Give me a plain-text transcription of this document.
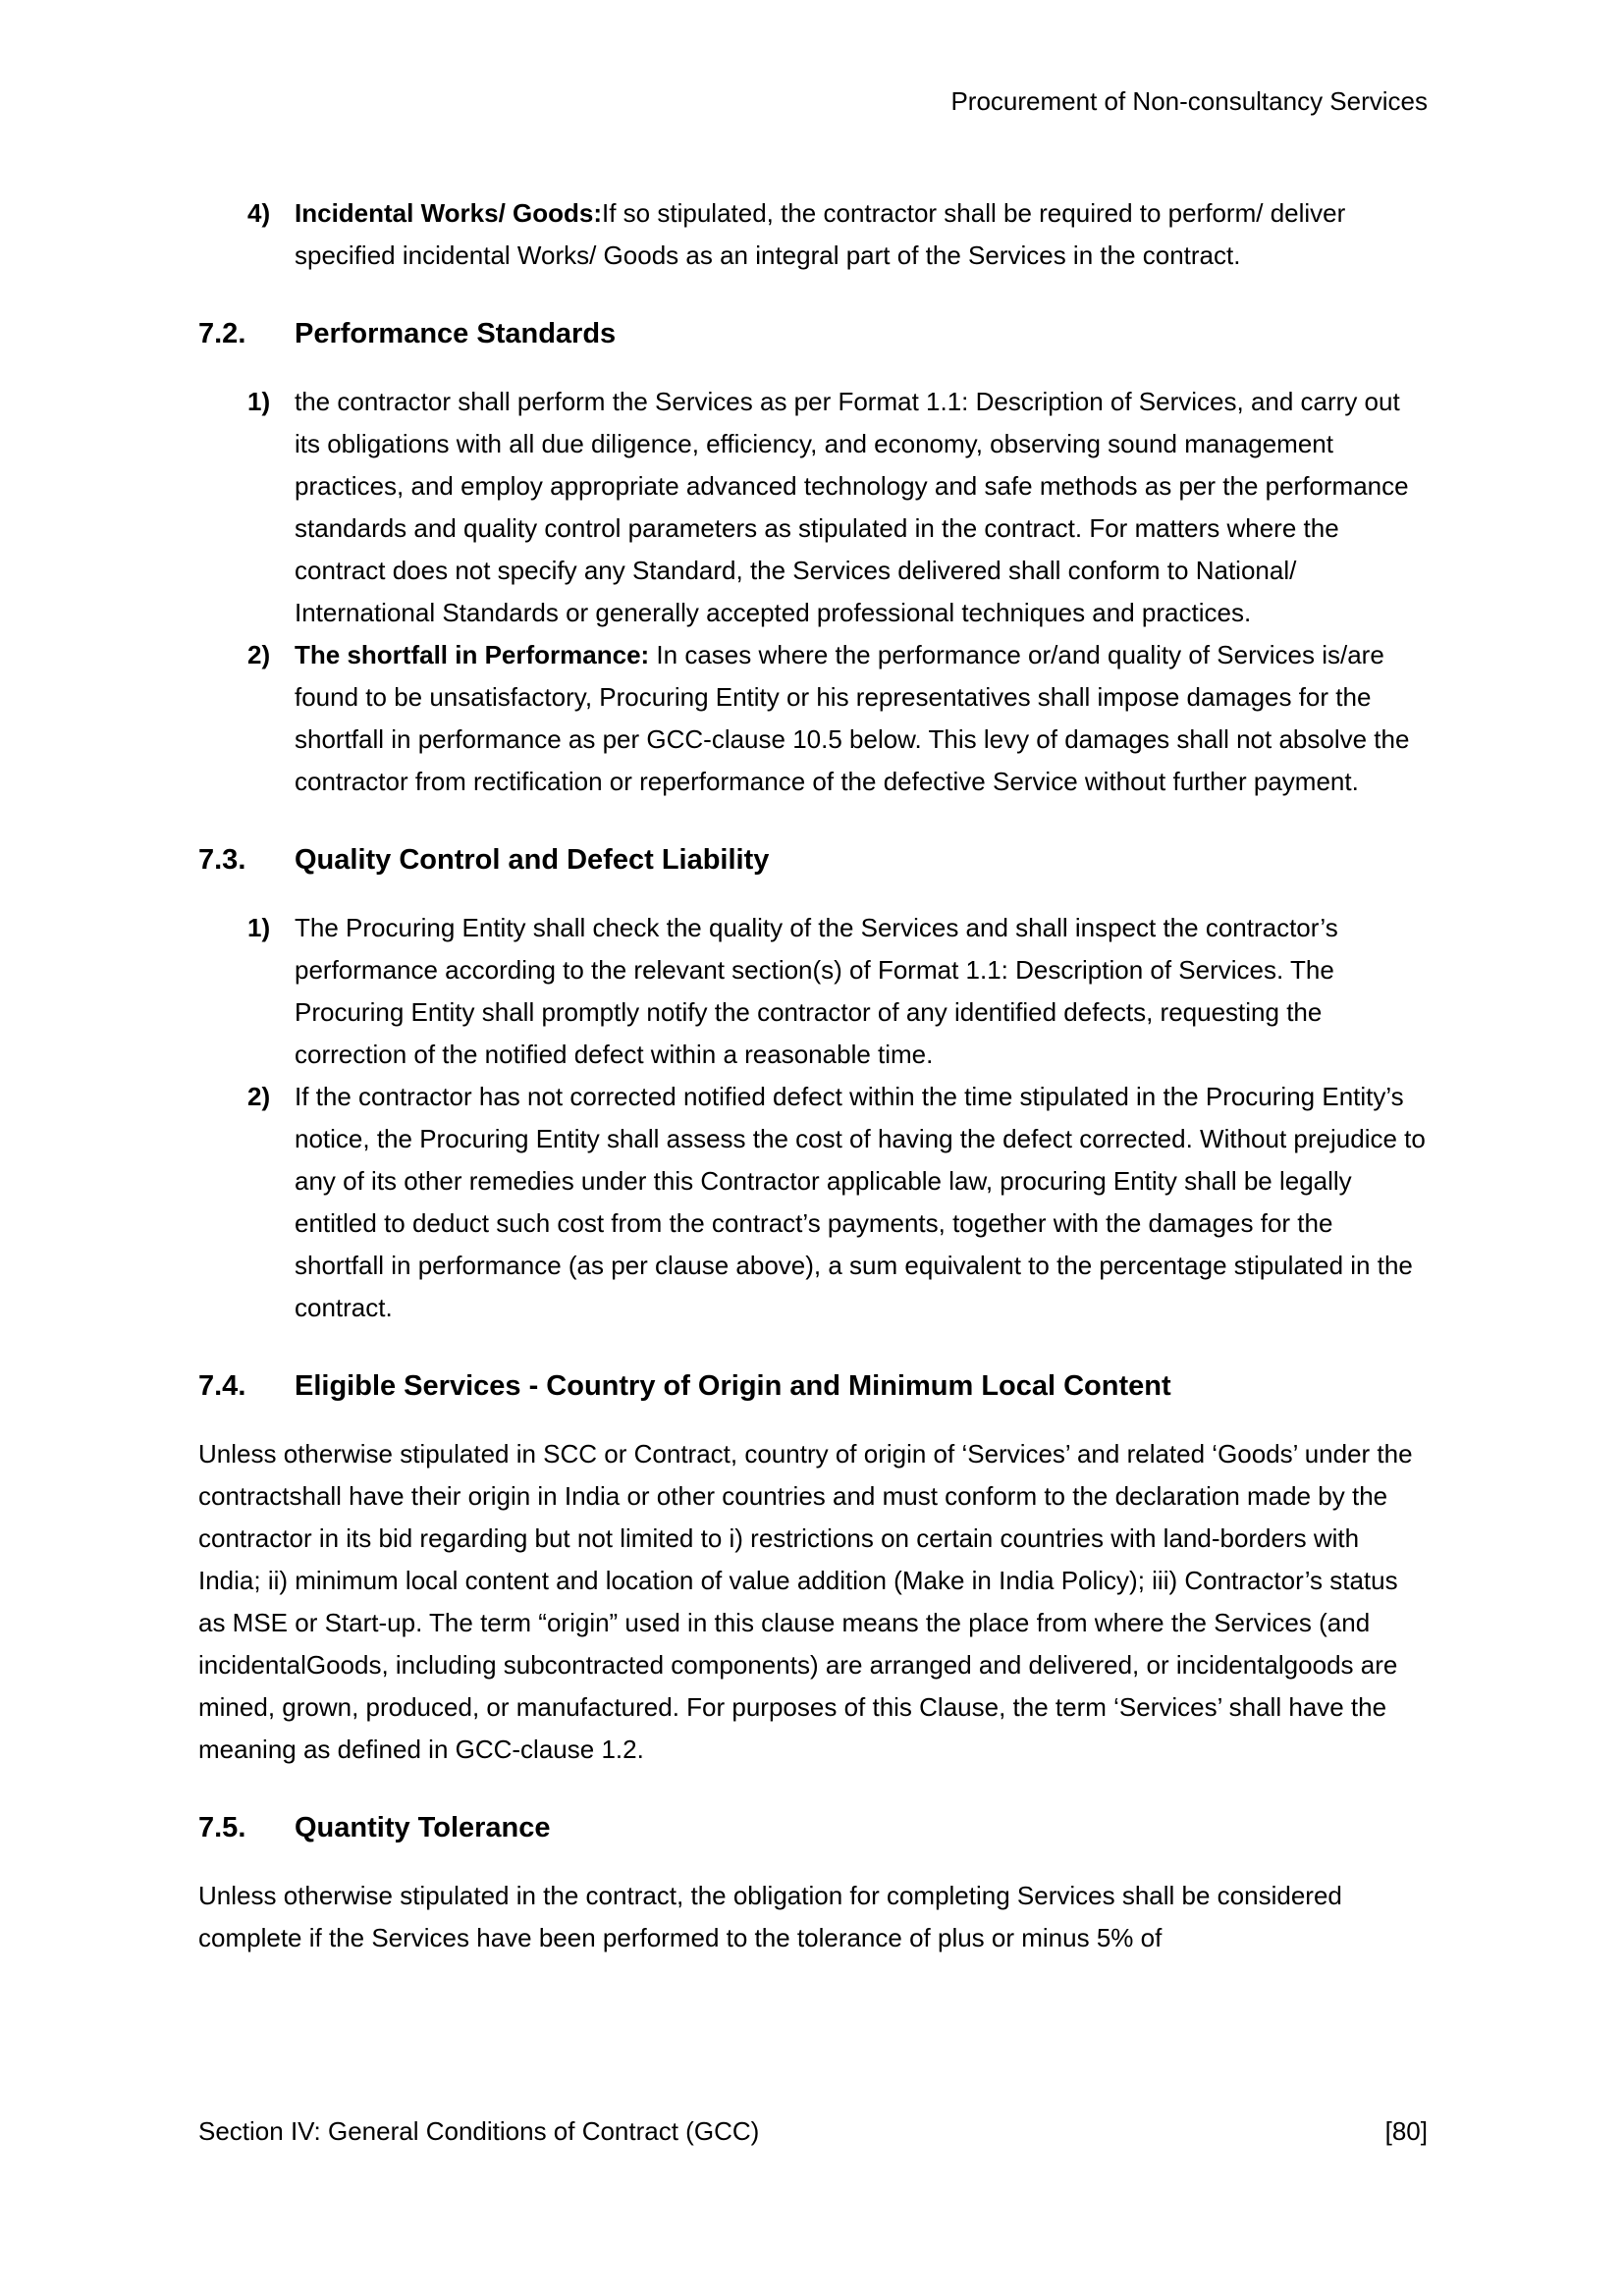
Procurement of Non-consultancy Services
4) Incidental Works/ Goods:If so stipulated, the contractor shall be required to perform/ deliver specified incidental Works/ Goods as an integral part of the Services in the contract.
7.2.	Performance Standards
1) the contractor shall perform the Services as per Format 1.1: Description of Services, and carry out its obligations with all due diligence, efficiency, and economy, observing sound management practices, and employ appropriate advanced technology and safe methods as per the performance standards and quality control parameters as stipulated in the contract. For matters where the contract does not specify any Standard, the Services delivered shall conform to National/ International Standards or generally accepted professional techniques and practices.
2) The shortfall in Performance: In cases where the performance or/and quality of Services is/are found to be unsatisfactory, Procuring Entity or his representatives shall impose damages for the shortfall in performance as per GCC-clause 10.5 below. This levy of damages shall not absolve the contractor from rectification or reperformance of the defective Service without further payment.
7.3.	Quality Control and Defect Liability
1) The Procuring Entity shall check the quality of the Services and shall inspect the contractor’s performance according to the relevant section(s) of Format 1.1: Description of Services. The Procuring Entity shall promptly notify the contractor of any identified defects, requesting the correction of the notified defect within a reasonable time.
2) If the contractor has not corrected notified defect within the time stipulated in the Procuring Entity’s notice, the Procuring Entity shall assess the cost of having the defect corrected. Without prejudice to any of its other remedies under this Contractor applicable law, procuring Entity shall be legally entitled to deduct such cost from the contract’s payments, together with the damages for the shortfall in performance (as per clause above), a sum equivalent to the percentage stipulated in the contract.
7.4.	Eligible Services - Country of Origin and Minimum Local Content

Unless otherwise stipulated in SCC or Contract, country of origin of ‘Services’ and related ‘Goods’ under the contractshall have their origin in India or other countries and must conform to the declaration made by the contractor in its bid regarding but not limited to i) restrictions on certain countries with land-borders with India; ii) minimum local content and location of value addition (Make in India Policy); iii) Contractor’s status as MSE or Start-up. The term “origin” used in this clause means the place from where the Services (and incidentalGoods, including subcontracted components) are arranged and delivered, or incidentalgoods are mined, grown, produced, or manufactured. For purposes of this Clause, the term ‘Services’ shall have the meaning as defined in GCC-clause 1.2.

7.5.	Quantity Tolerance

Unless otherwise stipulated in the contract, the obligation for completing Services shall be considered complete if the Services have been performed to the tolerance of plus or minus 5% of

Section IV: General Conditions of Contract (GCC)	[80]
